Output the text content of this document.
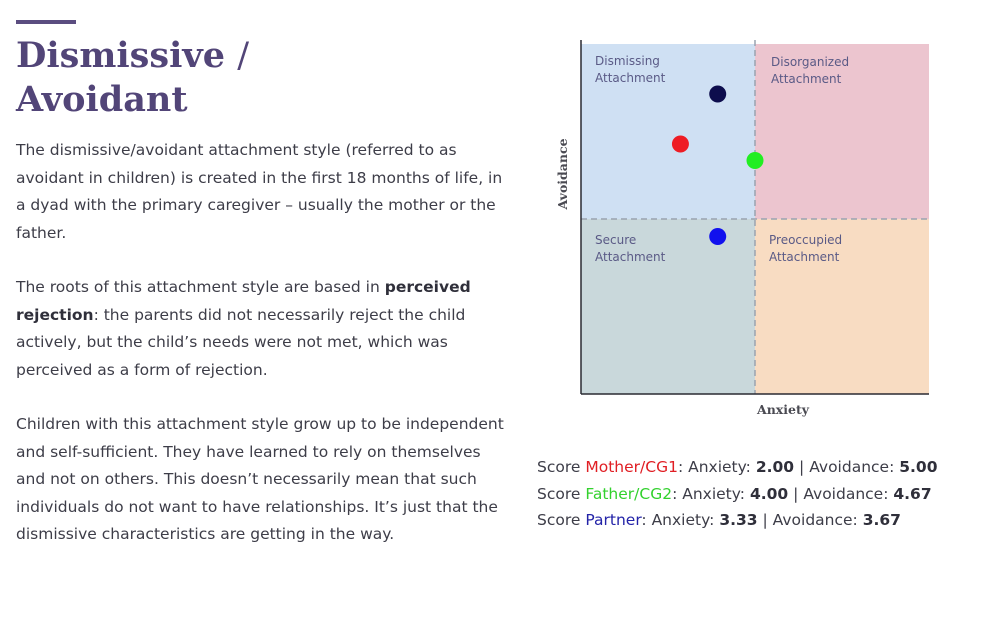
Dismissive /
Avoidant

The dismissive/avoidant attachment style (referred to as avoidant in children) is created in the first 18 months of life, in a dyad with the primary caregiver – usually the mother or the father.

The roots of this attachment style are based in perceived rejection: the parents did not necessarily reject the child actively, but the child’s needs were not met, which was perceived as a form of rejection.

Children with this attachment style grow up to be independent and self-sufficient. They have learned to rely on themselves and not on others. This doesn’t necessarily mean that such individuals do not want to have relationships. It’s just that the dismissive characteristics are getting in the way.

Dismissing
Attachment
Disorganized
Attachment
Secure
Attachment
Preoccupied
Attachment
Anxiety
Avoidance
Score Mother/CG1: Anxiety: 2.00 | Avoidance: 5.00
Score Father/CG2: Anxiety: 4.00 | Avoidance: 4.67
Score Partner: Anxiety: 3.33 | Avoidance: 3.67
